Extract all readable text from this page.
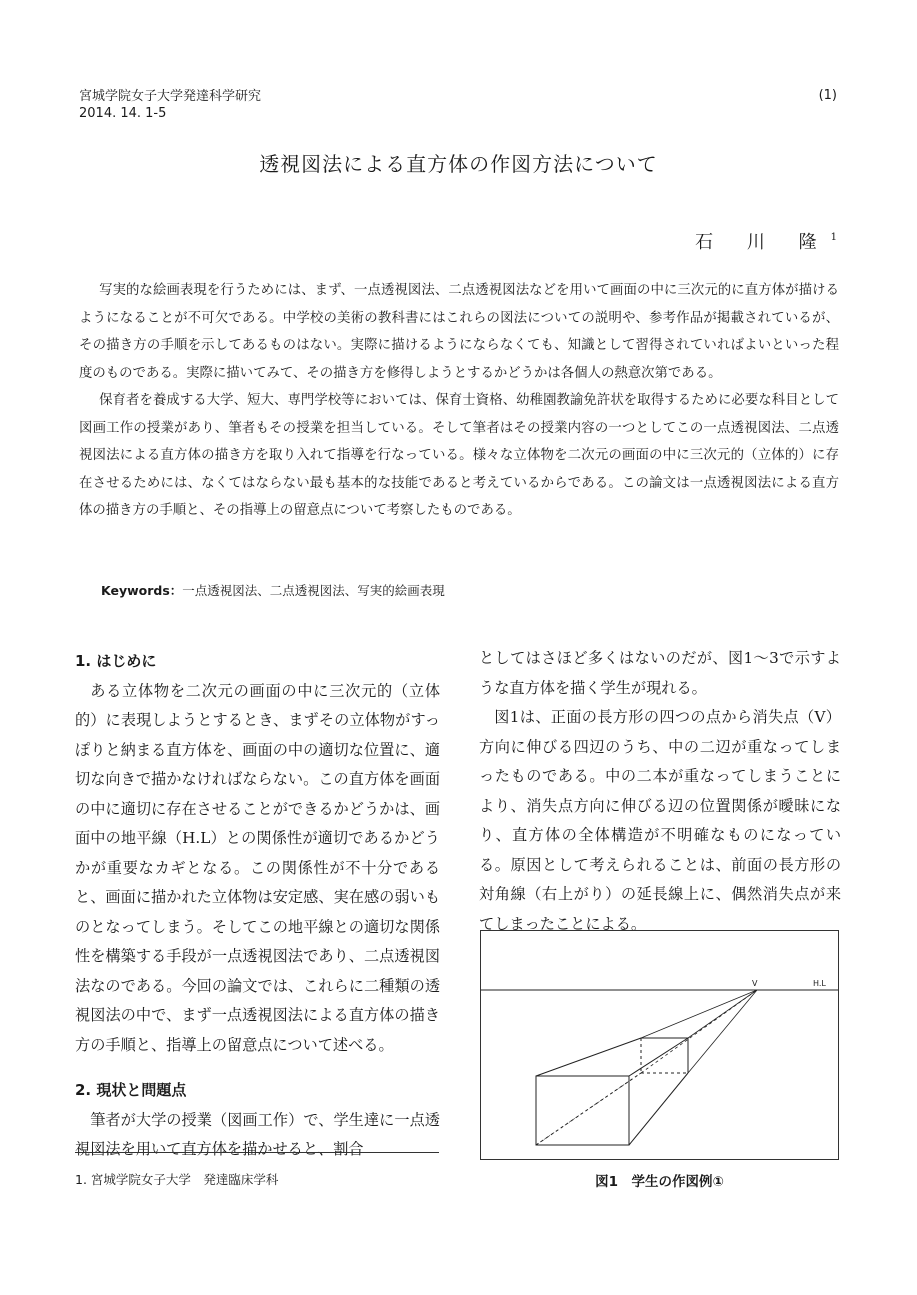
宮城学院女子大学発達科学研究
2014. 14. 1-5
(1)
透視図法による直方体の作図方法について
石 川 隆$^1$

写実的な絵画表現を行うためには、まず、一点透視図法、二点透視図法などを用いて画面の中に三次元的に直方体が描けるようになることが不可欠である。中学校の美術の教科書にはこれらの図法についての説明や、参考作品が掲載されているが、その描き方の手順を示してあるものはない。実際に描けるようにならなくても、知識として習得されていればよいといった程度のものである。実際に描いてみて、その描き方を修得しようとするかどうかは各個人の熱意次第である。

保育者を養成する大学、短大、専門学校等においては、保育士資格、幼稚園教諭免許状を取得するために必要な科目として図画工作の授業があり、筆者もその授業を担当している。そして筆者はその授業内容の一つとしてこの一点透視図法、二点透視図法による直方体の描き方を取り入れて指導を行なっている。様々な立体物を二次元の画面の中に三次元的（立体的）に存在させるためには、なくてはならない最も基本的な技能であると考えているからである。この論文は一点透視図法による直方体の描き方の手順と、その指導上の留意点について考察したものである。

Keywords：一点透視図法、二点透視図法、写実的絵画表現
1. はじめに

ある立体物を二次元の画面の中に三次元的（立体的）に表現しようとするとき、まずその立体物がすっぽりと納まる直方体を、画面の中の適切な位置に、適切な向きで描かなければならない。この直方体を画面の中に適切に存在させることができるかどうかは、画面中の地平線（H.L）との関係性が適切であるかどうかが重要なカギとなる。この関係性が不十分であると、画面に描かれた立体物は安定感、実在感の弱いものとなってしまう。そしてこの地平線との適切な関係性を構築する手段が一点透視図法であり、二点透視図法なのである。今回の論文では、これらに二種類の透視図法の中で、まず一点透視図法による直方体の描き方の手順と、指導上の留意点について述べる。

2. 現状と問題点

筆者が大学の授業（図画工作）で、学生達に一点透視図法を用いて直方体を描かせると、割合

としてはさほど多くはないのだが、図1～3で示すような直方体を描く学生が現れる。

図1は、正面の長方形の四つの点から消失点（V）方向に伸びる四辺のうち、中の二辺が重なってしまったものである。中の二本が重なってしまうことにより、消失点方向に伸びる辺の位置関係が曖昧になり、直方体の全体構造が不明確なものになっている。原因として考えられることは、前面の長方形の対角線（右上がり）の延長線上に、偶然消失点が来てしまったことによる。

V	H.L
図1　学生の作図例①
1. 宮城学院女子大学　発達臨床学科
